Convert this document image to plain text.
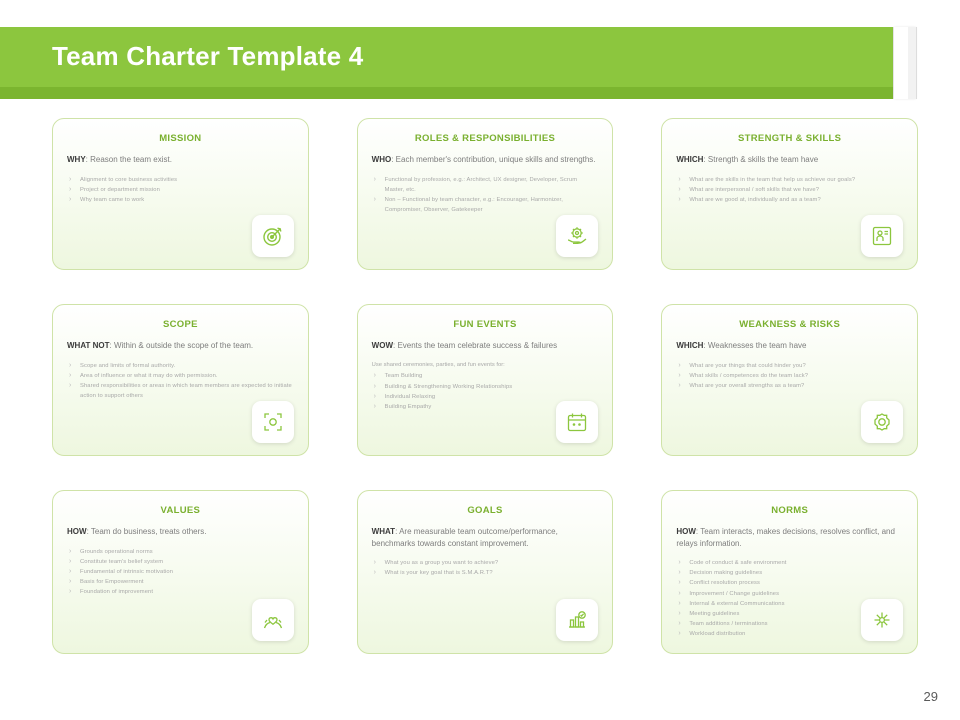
Team Charter Template 4
MISSION
WHY: Reason the team exist.
› Alignment to core business activities
› Project or department mission
› Why team came to work
ROLES & RESPONSIBILITIES
WHO: Each member's contribution, unique skills and strengths.
› Functional by profession, e.g.: Architect, UX designer, Developer, Scrum Master, etc.
› Non – Functional by team character, e.g.: Encourager, Harmonizer, Compromiser, Observer, Gatekeeper
STRENGTH & SKILLS
WHICH: Strength & skills the team have
› What are the skills in the team that help us achieve our goals?
› What are interpersonal / soft skills that we have?
› What are we good at, individually and as a team?
SCOPE
WHAT NOT: Within & outside the scope of the team.
› Scope and limits of formal authority.
› Area of influence or what it may do with permission.
› Shared responsibilities or areas in which team members are expected to initiate action to support others
FUN EVENTS
WOW: Events the team celebrate success & failures
Use shared ceremonies, parties, and fun events for:
› Team Building
› Building & Strengthening Working Relationships
› Individual Relaxing
› Building Empathy
WEAKNESS & RISKS
WHICH: Weaknesses the team have
› What are your things that could hinder you?
› What skills / competences do the team lack?
› What are your overall strengths as a team?
VALUES
HOW: Team do business, treats others.
› Grounds operational norms
› Constitute team's belief system
› Fundamental of intrinsic motivation
› Basis for Empowerment
› Foundation of improvement
GOALS
WHAT: Are measurable team outcome/performance, benchmarks towards constant improvement.
› What you as a group you want to achieve?
› What is your key goal that is S.M.A.R.T?
NORMS
HOW: Team interacts, makes decisions, resolves conflict, and relays information.
› Code of conduct & safe environment
› Decision making guidelines
› Conflict resolution process
› Improvement / Change guidelines
› Internal & external Communications
› Meeting guidelines
› Team additions / terminations
› Workload distribution
29
